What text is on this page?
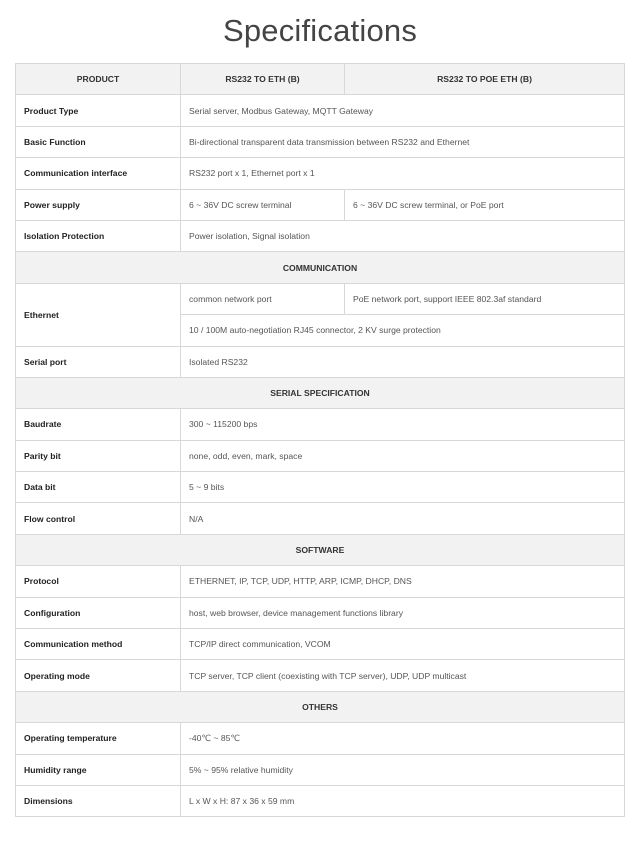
Specifications
PRODUCT	RS232 TO ETH (B)	RS232 TO POE ETH (B)
Product Type	Serial server, Modbus Gateway, MQTT Gateway	
Basic Function	Bi-directional transparent data transmission between RS232 and Ethernet	
Communication interface	RS232 port x 1, Ethernet port x 1	
Power supply	6 ~ 36V DC screw terminal	6 ~ 36V DC screw terminal, or PoE port
Isolation Protection	Power isolation, Signal isolation	
COMMUNICATION		
Ethernet	common network port	PoE network port, support IEEE 802.3af standard
	10 / 100M auto-negotiation RJ45 connector, 2 KV surge protection	
Serial port	Isolated RS232	
SERIAL SPECIFICATION		
Baudrate	300 ~ 115200 bps	
Parity bit	none, odd, even, mark, space	
Data bit	5 ~ 9 bits	
Flow control	N/A	
SOFTWARE		
Protocol	ETHERNET, IP, TCP, UDP, HTTP, ARP, ICMP, DHCP, DNS	
Configuration	host, web browser, device management functions library	
Communication method	TCP/IP direct communication, VCOM	
Operating mode	TCP server, TCP client (coexisting with TCP server), UDP, UDP multicast	
OTHERS		
Operating temperature	-40℃ ~ 85℃	
Humidity range	5% ~ 95% relative humidity	
Dimensions	L x W x H: 87 x 36 x 59 mm	
